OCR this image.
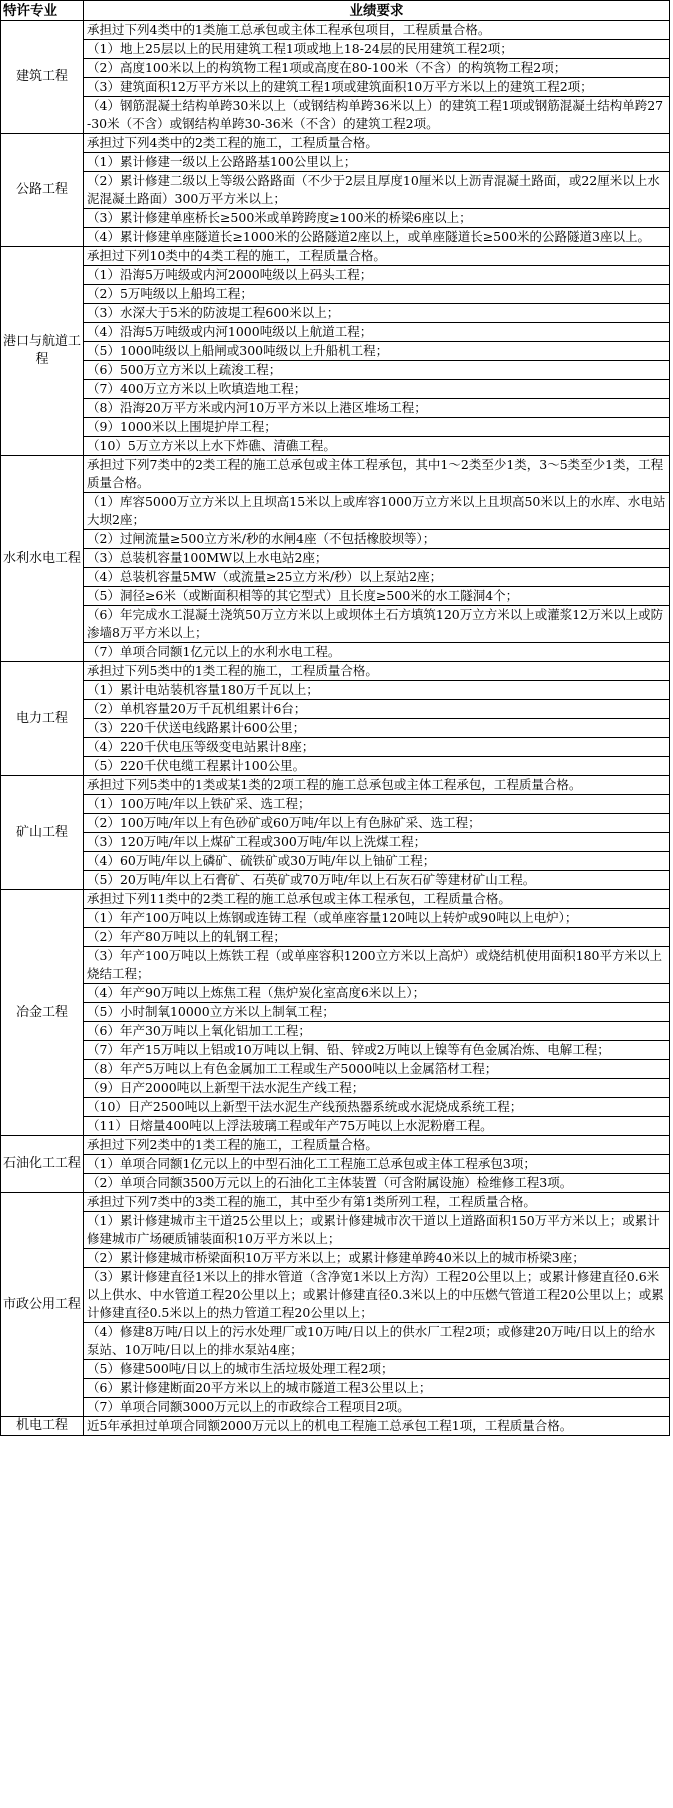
特许专业	业绩要求
建筑工程	承担过下列4类中的1类施工总承包或主体工程承包项目，工程质量合格。
	（1）地上25层以上的民用建筑工程1项或地上18-24层的民用建筑工程2项；
	（2）高度100米以上的构筑物工程1项或高度在80-100米（不含）的构筑物工程2项；
	（3）建筑面积12万平方米以上的建筑工程1项或建筑面积10万平方米以上的建筑工程2项；
	（4）钢筋混凝土结构单跨30米以上（或钢结构单跨36米以上）的建筑工程1项或钢筋混凝土结构单跨27-30米（不含）或钢结构单跨30-36米（不含）的建筑工程2项。
公路工程	承担过下列4类中的2类工程的施工，工程质量合格。
	（1）累计修建一级以上公路路基100公里以上；
	（2）累计修建二级以上等级公路路面（不少于2层且厚度10厘米以上沥青混凝土路面，或22厘米以上水泥混凝土路面）300万平方米以上；
	（3）累计修建单座桥长≥500米或单跨跨度≥100米的桥梁6座以上；
	（4）累计修建单座隧道长≥1000米的公路隧道2座以上，或单座隧道长≥500米的公路隧道3座以上。
港口与航道工程	承担过下列10类中的4类工程的施工，工程质量合格。
	（1）沿海5万吨级或内河2000吨级以上码头工程；
	（2）5万吨级以上船坞工程；
	（3）水深大于5米的防波堤工程600米以上；
	（4）沿海5万吨级或内河1000吨级以上航道工程；
	（5）1000吨级以上船闸或300吨级以上升船机工程；
	（6）500万立方米以上疏浚工程；
	（7）400万立方米以上吹填造地工程；
	（8）沿海20万平方米或内河10万平方米以上港区堆场工程；
	（9）1000米以上围堤护岸工程；
	（10）5万立方米以上水下炸礁、清礁工程。
水利水电工程	承担过下列7类中的2类工程的施工总承包或主体工程承包，其中1～2类至少1类，3～5类至少1类，工程质量合格。
	（1）库容5000万立方米以上且坝高15米以上或库容1000万立方米以上且坝高50米以上的水库、水电站大坝2座；
	（2）过闸流量≥500立方米/秒的水闸4座（不包括橡胶坝等）；
	（3）总装机容量100MW以上水电站2座；
	（4）总装机容量5MW（或流量≥25立方米/秒）以上泵站2座；
	（5）洞径≥6米（或断面积相等的其它型式）且长度≥500米的水工隧洞4个；
	（6）年完成水工混凝土浇筑50万立方米以上或坝体土石方填筑120万立方米以上或灌浆12万米以上或防渗墙8万平方米以上；
	（7）单项合同额1亿元以上的水利水电工程。
电力工程	承担过下列5类中的1类工程的施工，工程质量合格。
	（1）累计电站装机容量180万千瓦以上；
	（2）单机容量20万千瓦机组累计6台；
	（3）220千伏送电线路累计600公里；
	（4）220千伏电压等级变电站累计8座；
	（5）220千伏电缆工程累计100公里。
矿山工程	承担过下列5类中的1类或某1类的2项工程的施工总承包或主体工程承包，工程质量合格。
	（1）100万吨/年以上铁矿采、选工程；
	（2）100万吨/年以上有色砂矿或60万吨/年以上有色脉矿采、选工程；
	（3）120万吨/年以上煤矿工程或300万吨/年以上洗煤工程；
	（4）60万吨/年以上磷矿、硫铁矿或30万吨/年以上铀矿工程；
	（5）20万吨/年以上石膏矿、石英矿或70万吨/年以上石灰石矿等建材矿山工程。
冶金工程	承担过下列11类中的2类工程的施工总承包或主体工程承包，工程质量合格。
	（1）年产100万吨以上炼钢或连铸工程（或单座容量120吨以上转炉或90吨以上电炉）；
	（2）年产80万吨以上的轧钢工程；
	（3）年产100万吨以上炼铁工程（或单座容积1200立方米以上高炉）或烧结机使用面积180平方米以上烧结工程；
	（4）年产90万吨以上炼焦工程（焦炉炭化室高度6米以上）；
	（5）小时制氧10000立方米以上制氧工程；
	（6）年产30万吨以上氧化铝加工工程；
	（7）年产15万吨以上铝或10万吨以上铜、铅、锌或2万吨以上镍等有色金属冶炼、电解工程；
	（8）年产5万吨以上有色金属加工工程或生产5000吨以上金属箔材工程；
	（9）日产2000吨以上新型干法水泥生产线工程；
	（10）日产2500吨以上新型干法水泥生产线预热器系统或水泥烧成系统工程；
	（11）日熔量400吨以上浮法玻璃工程或年产75万吨以上水泥粉磨工程。
石油化工工程	承担过下列2类中的1类工程的施工，工程质量合格。
	（1）单项合同额1亿元以上的中型石油化工工程施工总承包或主体工程承包3项；
	（2）单项合同额3500万元以上的石油化工主体装置（可含附属设施）检维修工程3项。
市政公用工程	承担过下列7类中的3类工程的施工，其中至少有第1类所列工程，工程质量合格。
	（1）累计修建城市主干道25公里以上；或累计修建城市次干道以上道路面积150万平方米以上；或累计修建城市广场硬质铺装面积10万平方米以上；
	（2）累计修建城市桥梁面积10万平方米以上；或累计修建单跨40米以上的城市桥梁3座；
	（3）累计修建直径1米以上的排水管道（含净宽1米以上方沟）工程20公里以上；或累计修建直径0.6米以上供水、中水管道工程20公里以上；或累计修建直径0.3米以上的中压燃气管道工程20公里以上；或累计修建直径0.5米以上的热力管道工程20公里以上；
	（4）修建8万吨/日以上的污水处理厂或10万吨/日以上的供水厂工程2项；或修建20万吨/日以上的给水泵站、10万吨/日以上的排水泵站4座；
	（5）修建500吨/日以上的城市生活垃圾处理工程2项；
	（6）累计修建断面20平方米以上的城市隧道工程3公里以上；
	（7）单项合同额3000万元以上的市政综合工程项目2项。
机电工程	近5年承担过单项合同额2000万元以上的机电工程施工总承包工程1项，工程质量合格。
